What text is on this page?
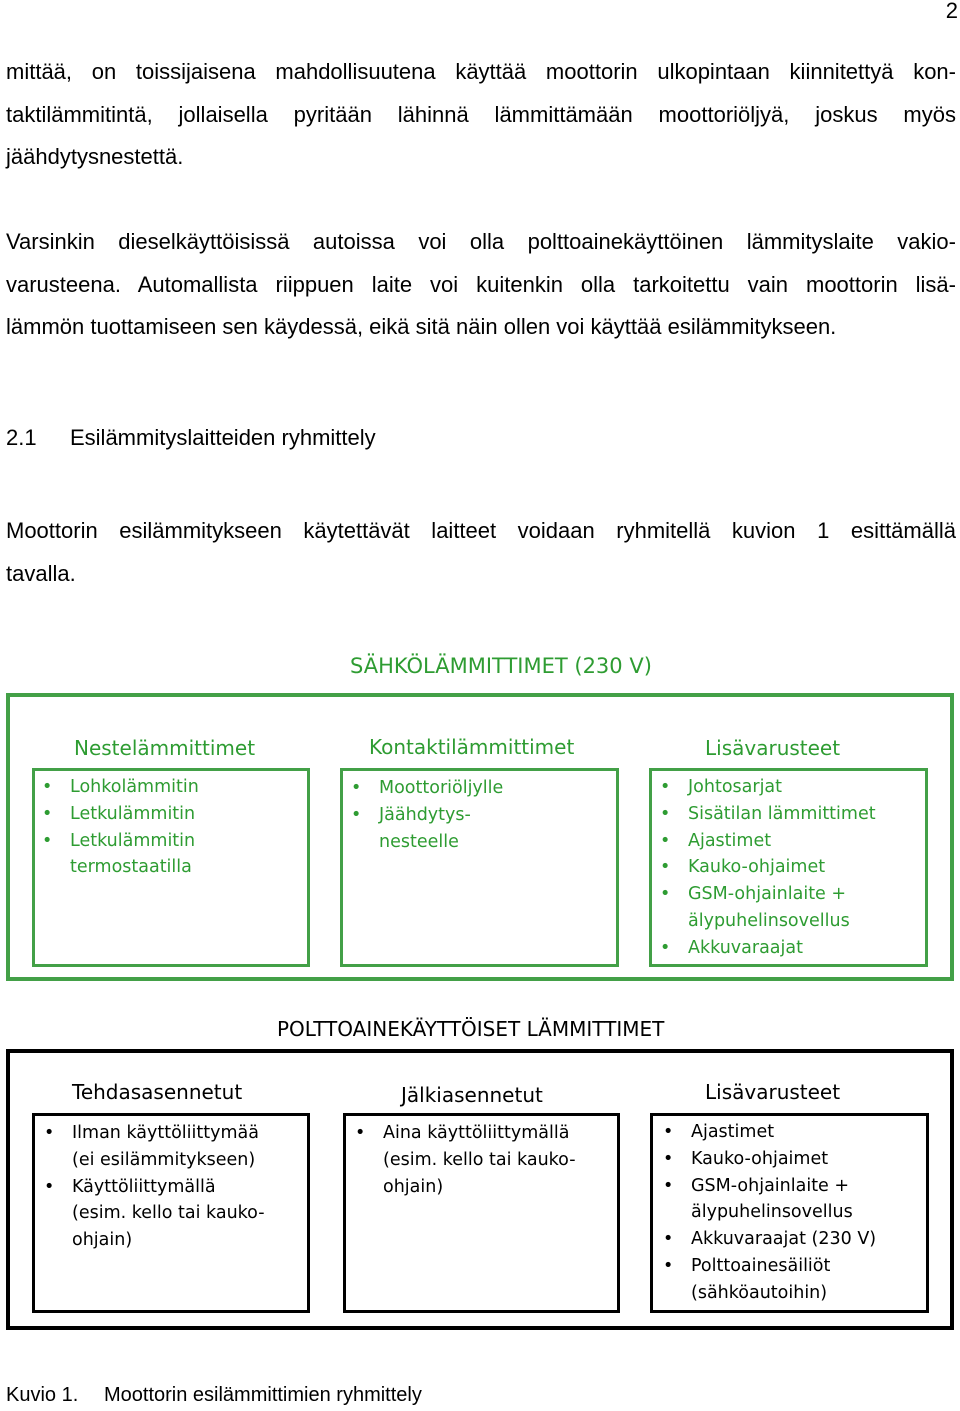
2

mittää, on toissijaisena mahdollisuutena käyttää moottorin ulkopintaan kiinnitettyä kon-
taktilämmitintä, jollaisella pyritään lähinnä lämmittämään moottoriöljyä, joskus myös
jäähdytysnestettä.

Varsinkin dieselkäyttöisissä autoissa voi olla polttoainekäyttöinen lämmityslaite vakio-
varusteena. Automallista riippuen laite voi kuitenkin olla tarkoitettu vain moottorin lisä-
lämmön tuottamiseen sen käydessä, eikä sitä näin ollen voi käyttää esilämmitykseen.

2.1 Esilämmityslaitteiden ryhmittely

Moottorin esilämmitykseen käytettävät laitteet voidaan ryhmitellä kuvion 1 esittämällä
tavalla.

SÄHKÖLÄMMITTIMET (230 V)
Nestelämmittimet
• Lohkolämmitin
• Letkulämmitin
• Letkulämmitin
termostaatilla
Kontaktilämmittimet
• Moottoriöljylle
• Jäähdytys-
nesteelle
Lisävarusteet
• Johtosarjat
• Sisätilan lämmittimet
• Ajastimet
• Kauko-ohjaimet
• GSM-ohjainlaite +
älypuhelinsovellus
• Akkuvaraajat
POLTTOAINEKÄYTTÖISET LÄMMITTIMET
Tehdasasennetut
• Ilman käyttöliittymää
(ei esilämmitykseen)
• Käyttöliittymällä
(esim. kello tai kauko-
ohjain)
Jälkiasennetut
• Aina käyttöliittymällä
(esim. kello tai kauko-
ohjain)
Lisävarusteet
• Ajastimet
• Kauko-ohjaimet
• GSM-ohjainlaite +
älypuhelinsovellus
• Akkuvaraajat (230 V)
• Polttoainesäiliöt
(sähköautoihin)

Kuvio 1. Moottorin esilämmittimien ryhmittely
